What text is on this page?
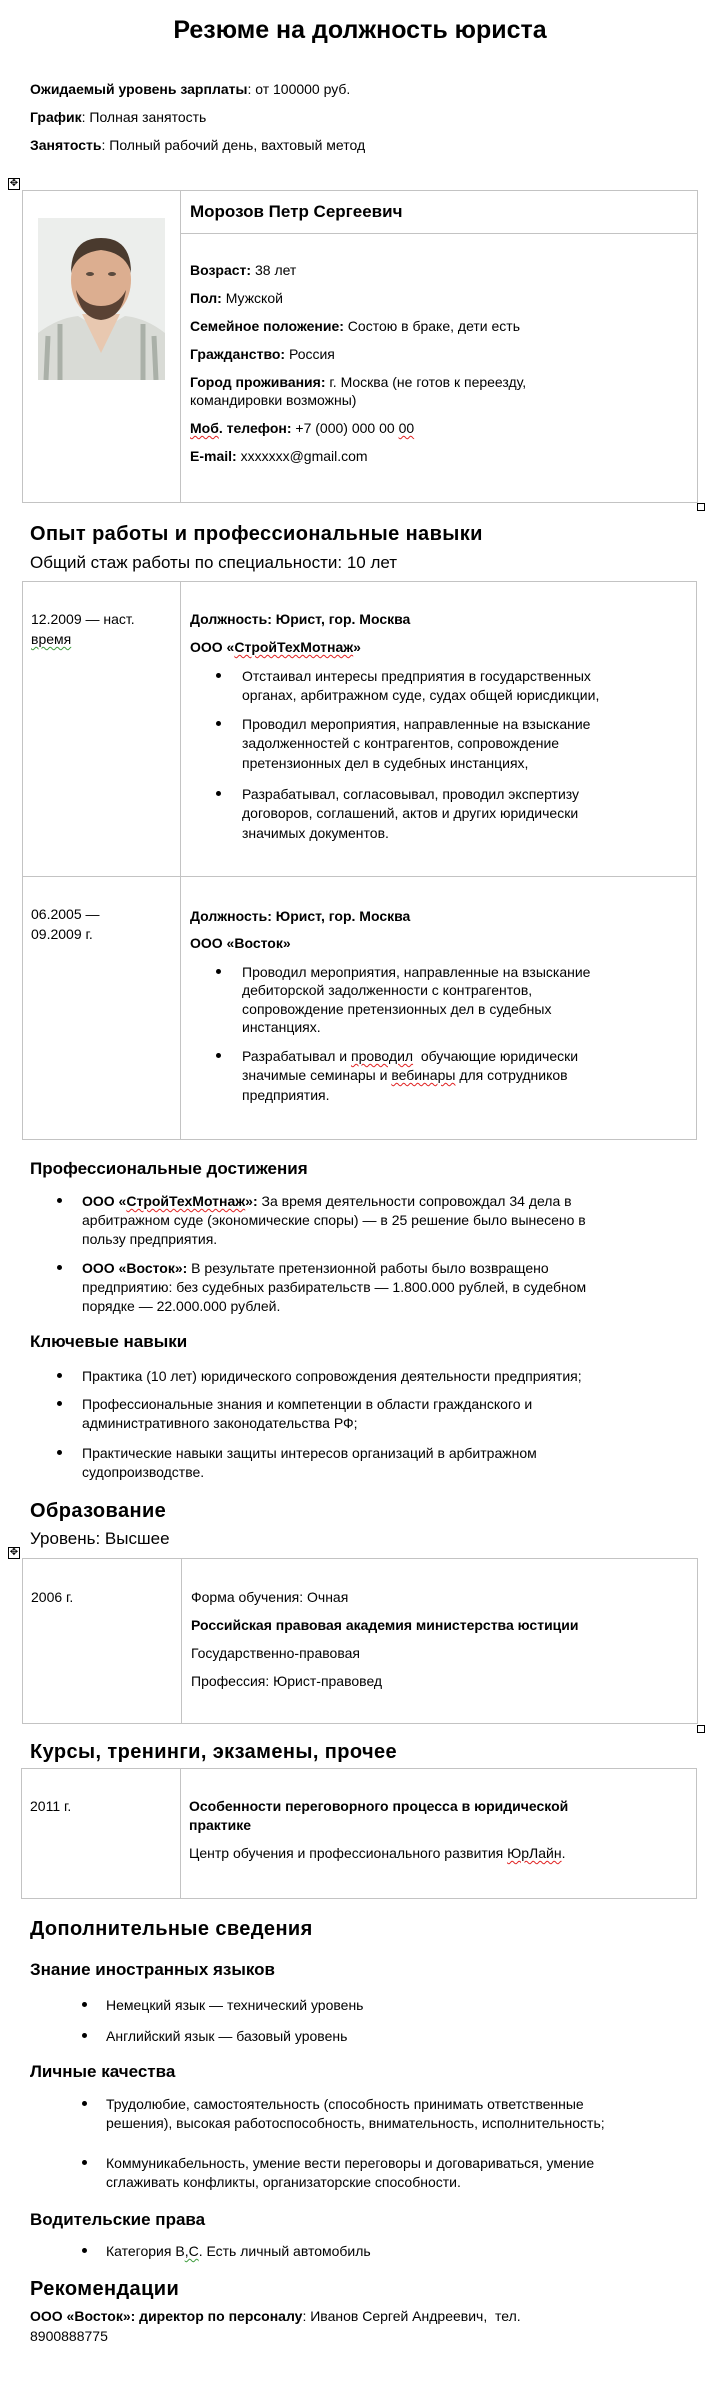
Резюме на должность юриста
Ожидаемый уровень зарплаты: от 100000 руб.
График: Полная занятость
Занятость: Полный рабочий день, вахтовый метод
✥
Морозов Петр Сергеевич
Возраст: 38 лет
Пол: Мужской
Семейное положение: Состою в браке, дети есть
Гражданство: Россия
Город проживания: г. Москва (не готов к переезду,
командировки возможны)
Моб. телефон: +7 (000) 000 00 00
E-mail: xxxxxxx@gmail.com
Опыт работы и профессиональные навыки
Общий стаж работы по специальности: 10 лет
12.2009 — наст.
время
Должность: Юрист, гор. Москва
ООО «СтройТехМотнаж»
Отстаивал интересы предприятия в государственных
органах, арбитражном суде, судах общей юрисдикции,
Проводил мероприятия, направленные на взыскание
задолженностей с контрагентов, сопровождение
претензионных дел в судебных инстанциях,
Разрабатывал, согласовывал, проводил экспертизу
договоров, соглашений, актов и других юридически
значимых документов.
06.2005 —
09.2009 г.
Должность: Юрист, гор. Москва
ООО «Восток»
Проводил мероприятия, направленные на взыскание
дебиторской задолженности с контрагентов,
сопровождение претензионных дел в судебных
инстанциях.
Разрабатывал и проводил  обучающие юридически
значимые семинары и вебинары для сотрудников
предприятия.
Профессиональные достижения
ООО «СтройТехМотнаж»: За время деятельности сопровождал 34 дела в
арбитражном суде (экономические споры) — в 25 решение было вынесено в
пользу предприятия.
ООО «Восток»: В результате претензионной работы было возвращено
предприятию: без судебных разбирательств — 1.800.000 рублей, в судебном
порядке — 22.000.000 рублей.
Ключевые навыки
Практика (10 лет) юридического сопровождения деятельности предприятия;
Профессиональные знания и компетенции в области гражданского и
административного законодательства РФ;
Практические навыки защиты интересов организаций в арбитражном
судопроизводстве.
Образование
Уровень: Высшее
✥
2006 г.	Форма обучения: Очная
Российская правовая академия министерства юстиции
Государственно-правовая
Профессия: Юрист-правовед
Курсы, тренинги, экзамены, прочее
2011 г.	Особенности переговорного процесса в юридической
практике
Центр обучения и профессионального развития ЮрЛайн.
Дополнительные сведения
Знание иностранных языков
Немецкий язык — технический уровень
Английский язык — базовый уровень
Личные качества
Трудолюбие, самостоятельность (способность принимать ответственные
решения), высокая работоспособность, внимательность, исполнительность;
Коммуникабельность, умение вести переговоры и договариваться, умение
сглаживать конфликты, организаторские способности.
Водительские права
Категория В,С. Есть личный автомобиль
Рекомендации
ООО «Восток»: директор по персоналу: Иванов Сергей Андреевич,  тел.
8900888775
